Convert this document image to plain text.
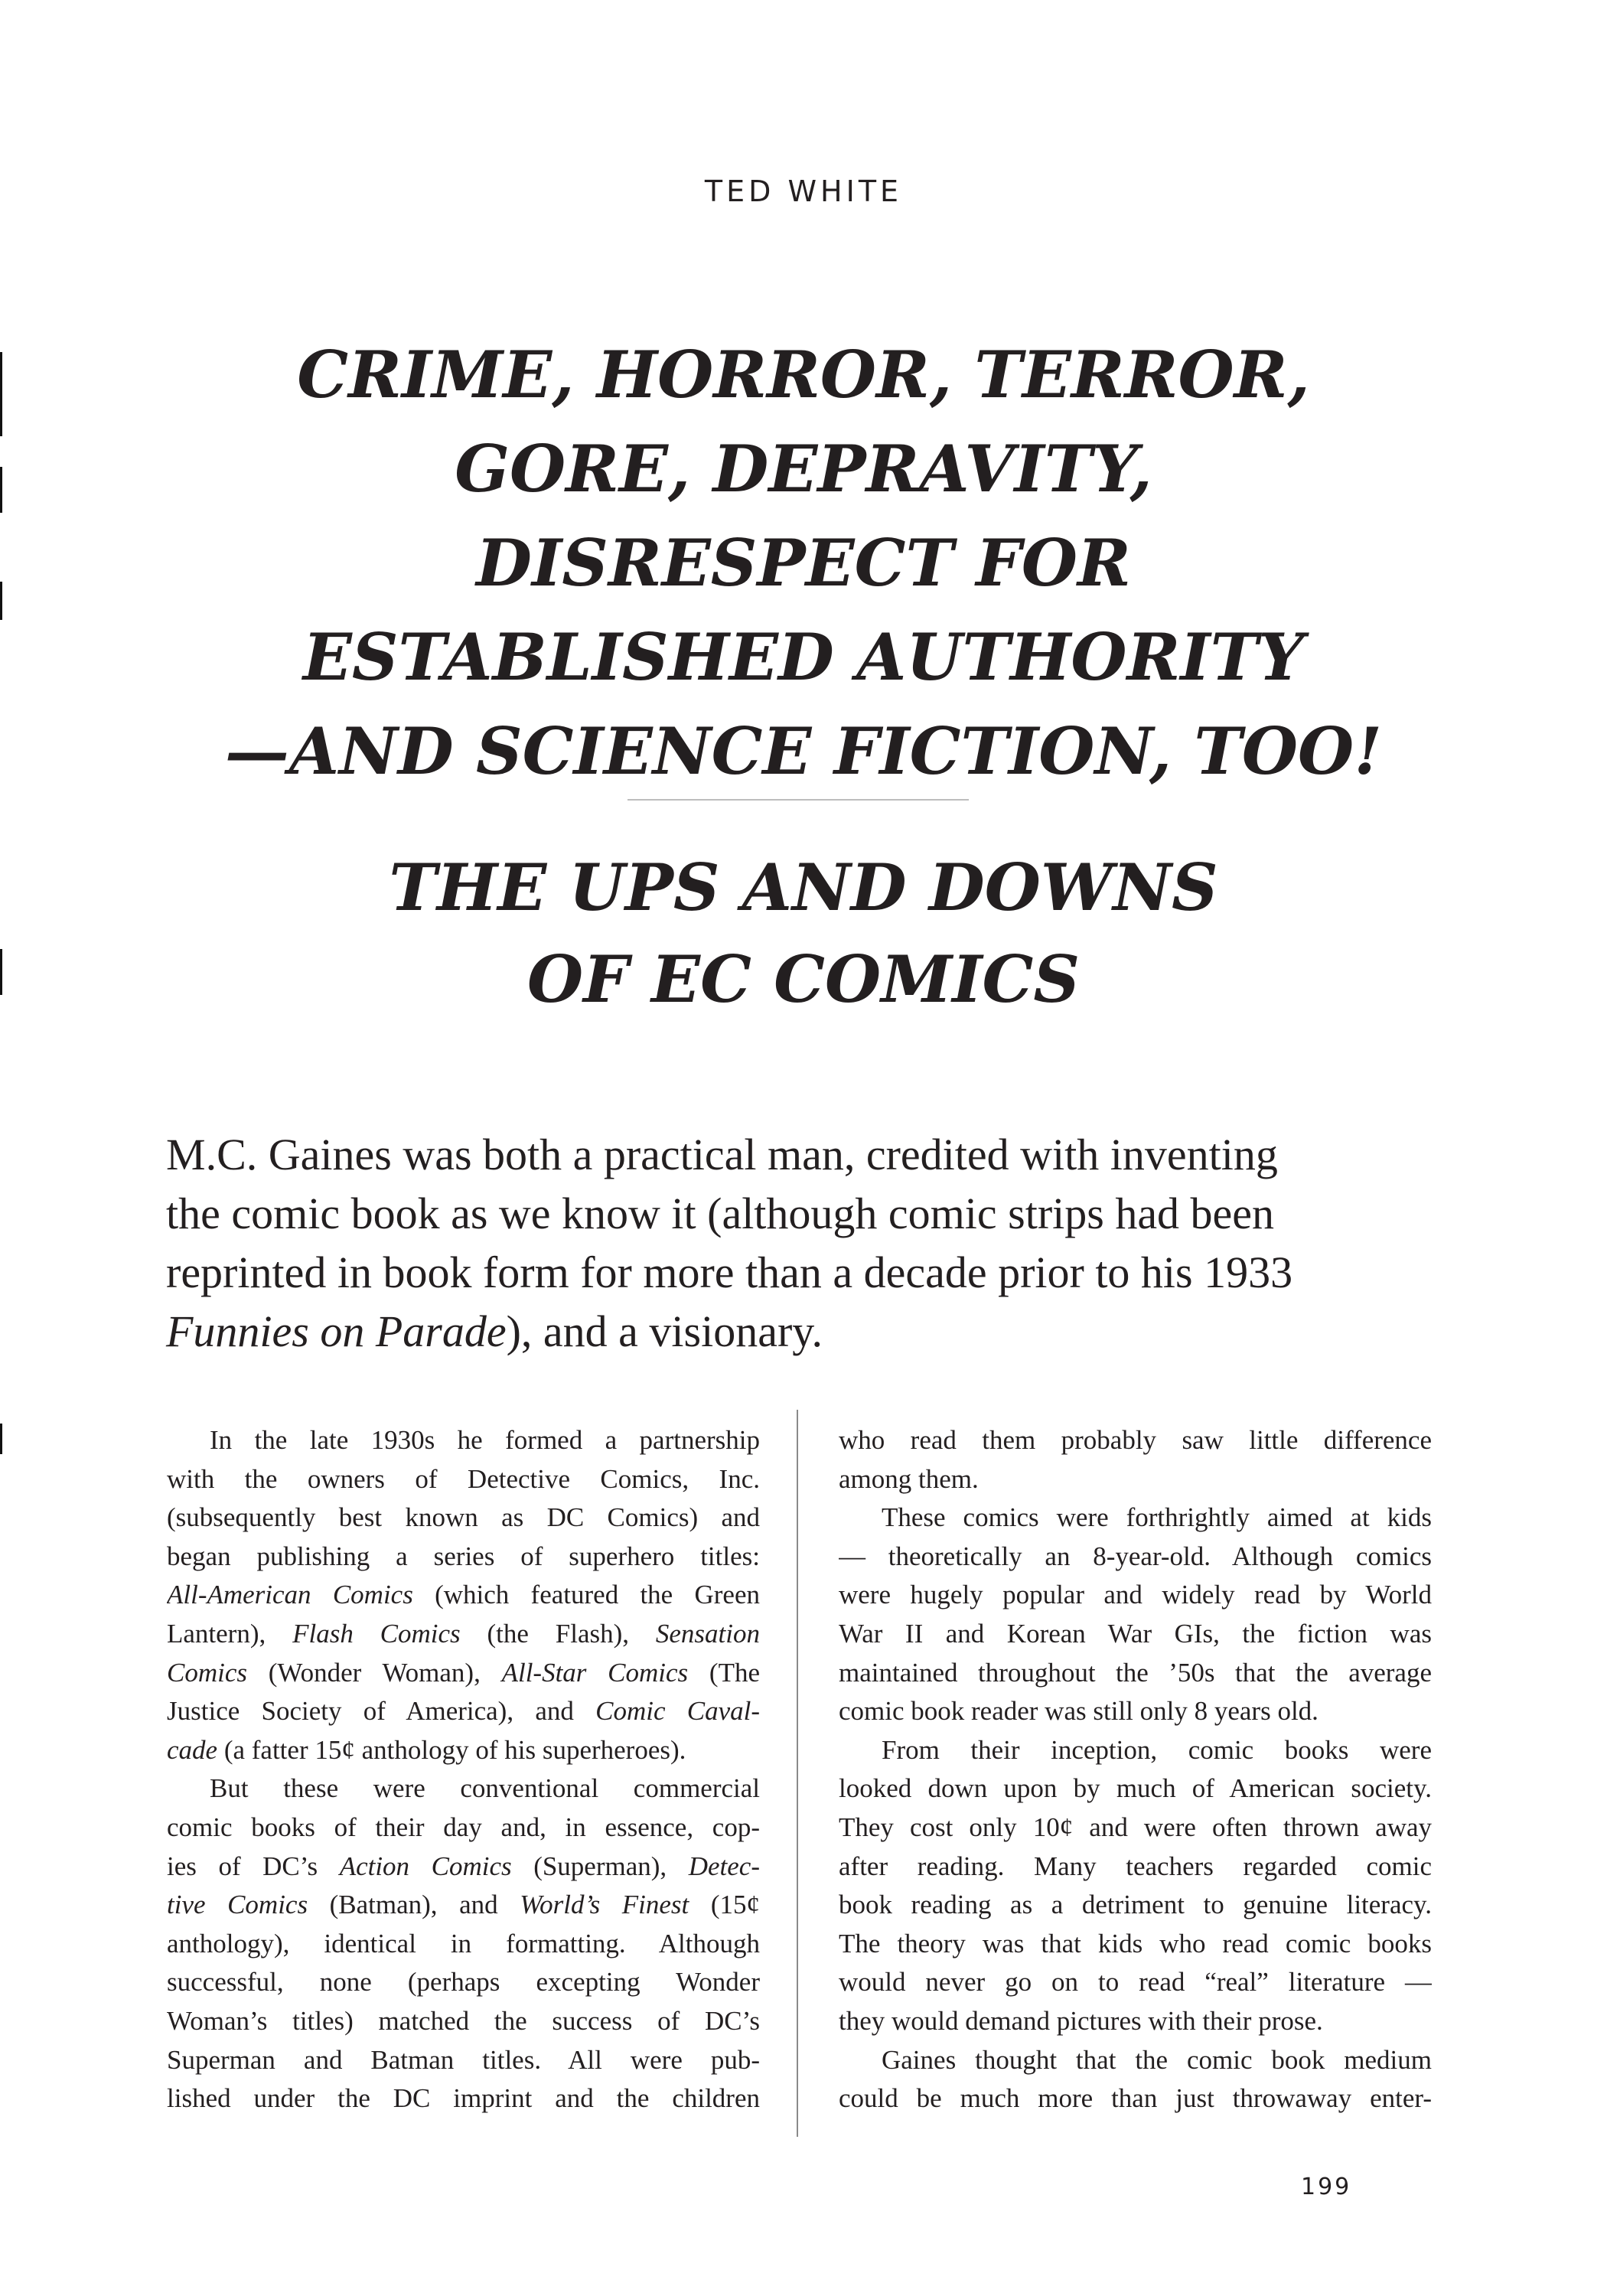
TED WHITE
CRIME, HORROR, TERROR,
GORE, DEPRAVITY,
DISRESPECT FOR
ESTABLISHED AUTHORITY
—AND SCIENCE FICTION, TOO!
THE UPS AND DOWNS
OF EC COMICS
M.C. Gaines was both a practical man, credited with inventing
the comic book as we know it (although comic strips had been
reprinted in book form for more than a decade prior to his 1933
Funnies on Parade), and a visionary.
In the late 1930s he formed a partnership
with the owners of Detective Comics, Inc.
(subsequently best known as DC Comics) and
began publishing a series of superhero titles:
All-American Comics (which featured the Green
Lantern), Flash Comics (the Flash), Sensation
Comics (Wonder Woman), All-Star Comics (The
Justice Society of America), and Comic Caval-
cade (a fatter 15¢ anthology of his superheroes).
But these were conventional commercial
comic books of their day and, in essence, cop-
ies of DC’s Action Comics (Superman), Detec-
tive Comics (Batman), and World’s Finest (15¢
anthology), identical in formatting. Although
successful, none (perhaps excepting Wonder
Woman’s titles) matched the success of DC’s
Superman and Batman titles. All were pub-
lished under the DC imprint and the children
who read them probably saw little difference
among them.
These comics were forthrightly aimed at kids
— theoretically an 8-year-old. Although comics
were hugely popular and widely read by World
War II and Korean War GIs, the fiction was
maintained throughout the ’50s that the average
comic book reader was still only 8 years old.
From their inception, comic books were
looked down upon by much of American society.
They cost only 10¢ and were often thrown away
after reading. Many teachers regarded comic
book reading as a detriment to genuine literacy.
The theory was that kids who read comic books
would never go on to read “real” literature —
they would demand pictures with their prose.
Gaines thought that the comic book medium
could be much more than just throwaway enter-
199
